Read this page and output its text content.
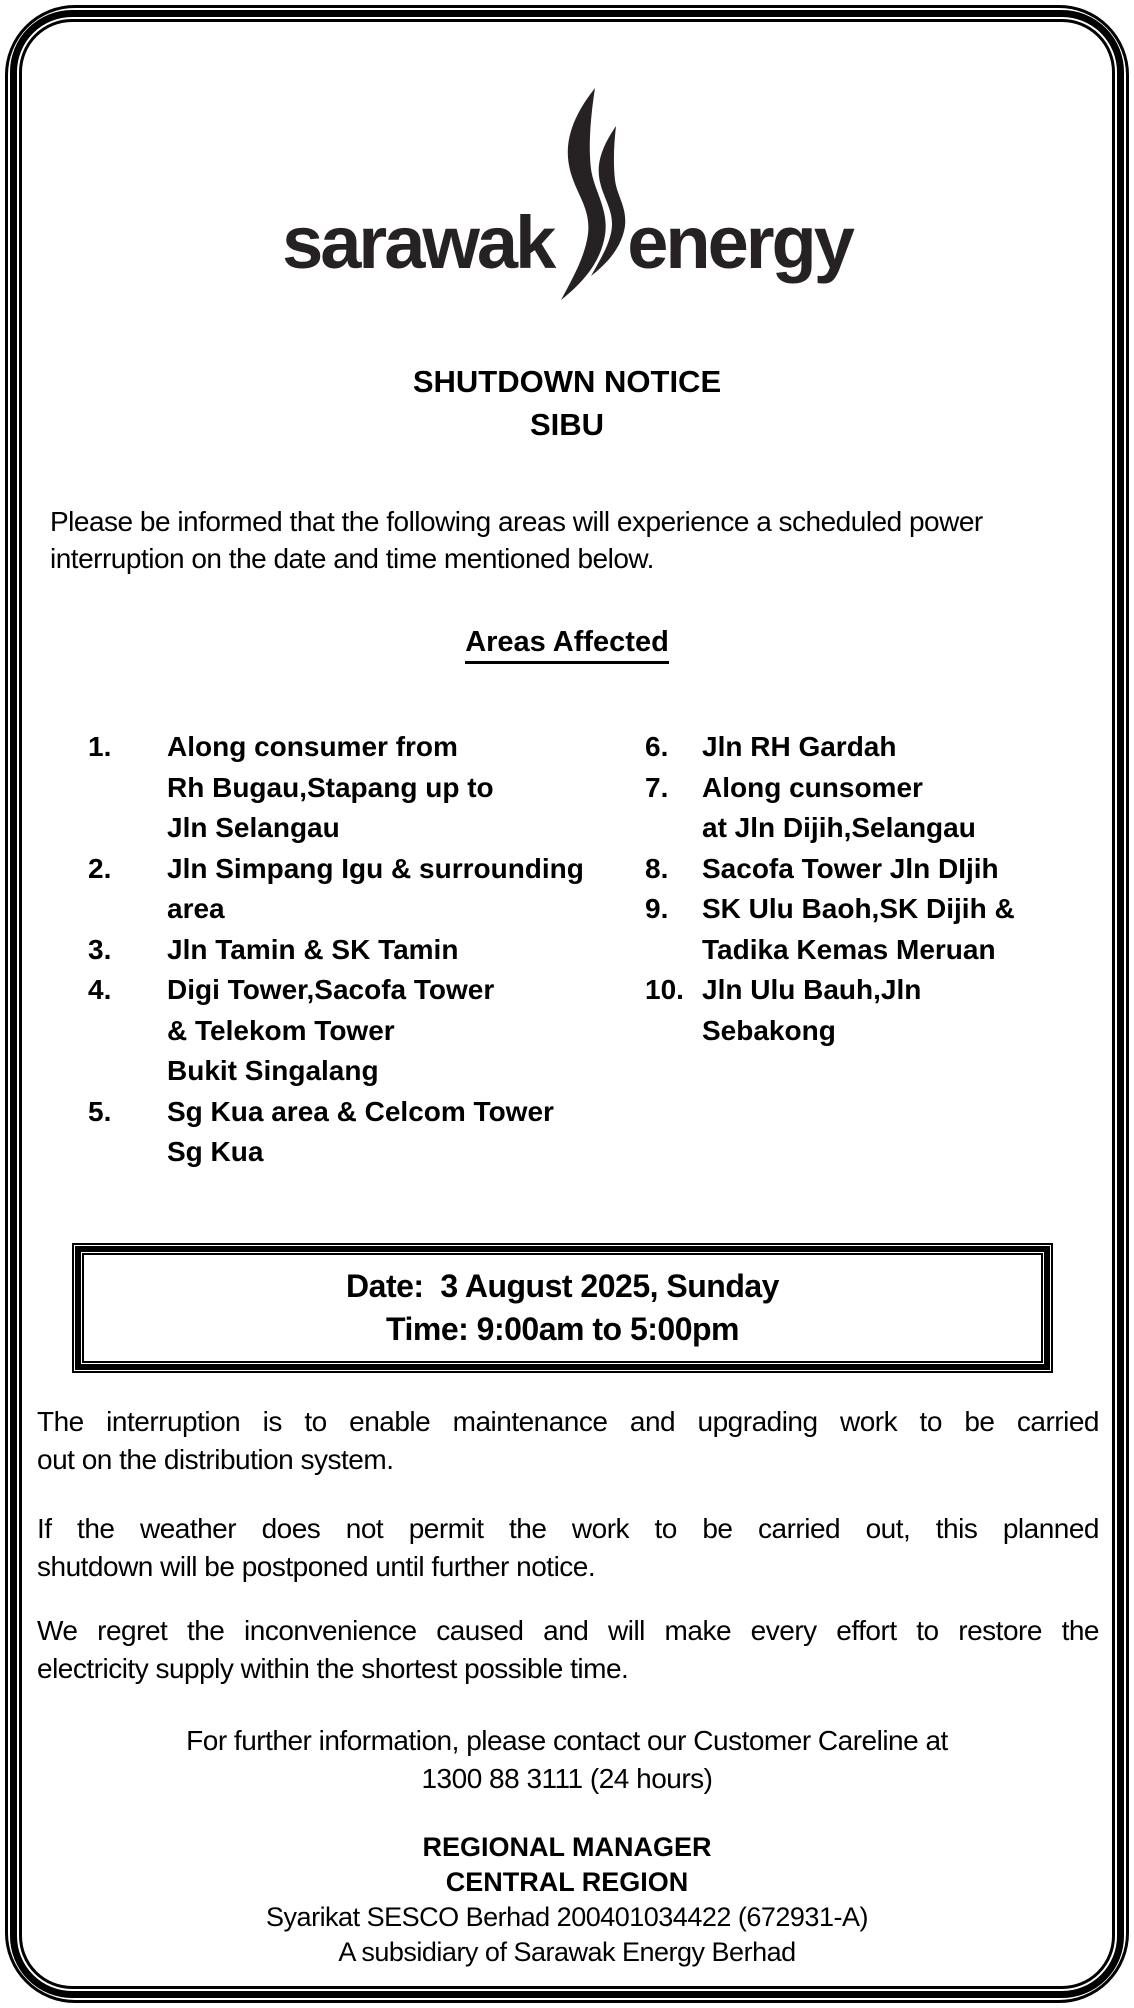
sarawak energy
SHUTDOWN NOTICE
SIBU
Please be informed that the following areas will experience a scheduled power interruption on the date and time mentioned below.
Areas Affected
1.	Along consumer from
Rh Bugau,Stapang up to
Jln Selangau
2.	Jln Simpang Igu & surrounding
area
3.	Jln Tamin & SK Tamin
4.	Digi Tower,Sacofa Tower
& Telekom Tower
Bukit Singalang
5.	Sg Kua area & Celcom Tower
Sg Kua
6.	Jln RH Gardah
7.	Along cunsomer
at Jln Dijih,Selangau
8.	Sacofa Tower Jln DIjih
9.	SK Ulu Baoh,SK Dijih &
Tadika Kemas Meruan
10. Jln Ulu Bauh,Jln
Sebakong
Date:  3 August 2025, Sunday
Time: 9:00am to 5:00pm
The interruption is to enable maintenance and upgrading work to be carried
out on the distribution system.
If the weather does not permit the work to be carried out, this planned
shutdown will be postponed until further notice.
We regret the inconvenience caused and will make every effort to restore the
electricity supply within the shortest possible time.
For further information, please contact our Customer Careline at
1300 88 3111 (24 hours)
REGIONAL MANAGER
CENTRAL REGION
Syarikat SESCO Berhad 200401034422 (672931-A)
A subsidiary of Sarawak Energy Berhad
